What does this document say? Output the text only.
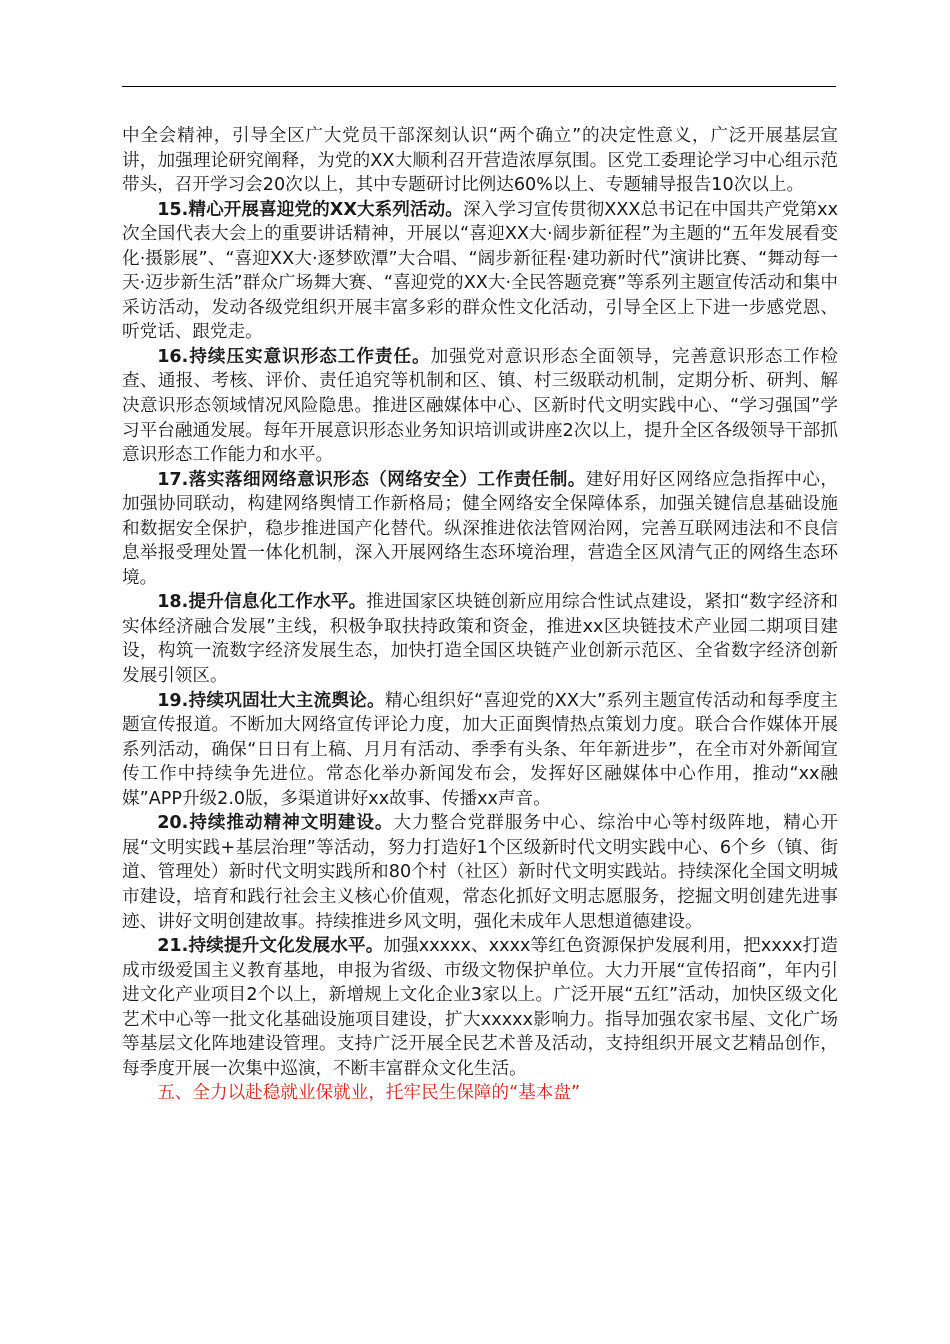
中全会精神，引导全区广大党员干部深刻认识“两个确立”的决定性意义，广泛开展基层宣讲，加强理论研究阐释，为党的XX大顺利召开营造浓厚氛围。区党工委理论学习中心组示范带头，召开学习会20次以上，其中专题研讨比例达60%以上、专题辅导报告10次以上。

15.精心开展喜迎党的XX大系列活动。深入学习宣传贯彻XXX总书记在中国共产党第xx次全国代表大会上的重要讲话精神，开展以“喜迎XX大·阔步新征程”为主题的“五年发展看变化·摄影展”、“喜迎XX大·逐梦欧潭”大合唱、“阔步新征程·建功新时代”演讲比赛、“舞动每一天·迈步新生活”群众广场舞大赛、“喜迎党的XX大·全民答题竞赛”等系列主题宣传活动和集中采访活动，发动各级党组织开展丰富多彩的群众性文化活动，引导全区上下进一步感党恩、听党话、跟党走。

16.持续压实意识形态工作责任。加强党对意识形态全面领导，完善意识形态工作检查、通报、考核、评价、责任追究等机制和区、镇、村三级联动机制，定期分析、研判、解决意识形态领域情况风险隐患。推进区融媒体中心、区新时代文明实践中心、“学习强国”学习平台融通发展。每年开展意识形态业务知识培训或讲座2次以上，提升全区各级领导干部抓意识形态工作能力和水平。

17.落实落细网络意识形态（网络安全）工作责任制。建好用好区网络应急指挥中心，加强协同联动，构建网络舆情工作新格局；健全网络安全保障体系，加强关键信息基础设施和数据安全保护，稳步推进国产化替代。纵深推进依法管网治网，完善互联网违法和不良信息举报受理处置一体化机制，深入开展网络生态环境治理，营造全区风清气正的网络生态环境。

18.提升信息化工作水平。推进国家区块链创新应用综合性试点建设，紧扣“数字经济和实体经济融合发展”主线，积极争取扶持政策和资金，推进xx区块链技术产业园二期项目建设，构筑一流数字经济发展生态，加快打造全国区块链产业创新示范区、全省数字经济创新发展引领区。

19.持续巩固壮大主流舆论。精心组织好“喜迎党的XX大”系列主题宣传活动和每季度主题宣传报道。不断加大网络宣传评论力度，加大正面舆情热点策划力度。联合合作媒体开展系列活动，确保“日日有上稿、月月有活动、季季有头条、年年新进步”，在全市对外新闻宣传工作中持续争先进位。常态化举办新闻发布会，发挥好区融媒体中心作用，推动“xx融媒”APP升级2.0版，多渠道讲好xx故事、传播xx声音。

20.持续推动精神文明建设。大力整合党群服务中心、综治中心等村级阵地，精心开展“文明实践+基层治理”等活动，努力打造好1个区级新时代文明实践中心、6个乡（镇、街道、管理处）新时代文明实践所和80个村（社区）新时代文明实践站。持续深化全国文明城市建设，培育和践行社会主义核心价值观，常态化抓好文明志愿服务，挖掘文明创建先进事迹、讲好文明创建故事。持续推进乡风文明，强化未成年人思想道德建设。

21.持续提升文化发展水平。加强xxxxx、xxxx等红色资源保护发展利用，把xxxx打造成市级爱国主义教育基地，申报为省级、市级文物保护单位。大力开展“宣传招商”，年内引进文化产业项目2个以上，新增规上文化企业3家以上。广泛开展“五红”活动，加快区级文化艺术中心等一批文化基础设施项目建设，扩大xxxxx影响力。指导加强农家书屋、文化广场等基层文化阵地建设管理。支持广泛开展全民艺术普及活动，支持组织开展文艺精品创作，每季度开展一次集中巡演，不断丰富群众文化生活。

五、全力以赴稳就业保就业，托牢民生保障的“基本盘”
